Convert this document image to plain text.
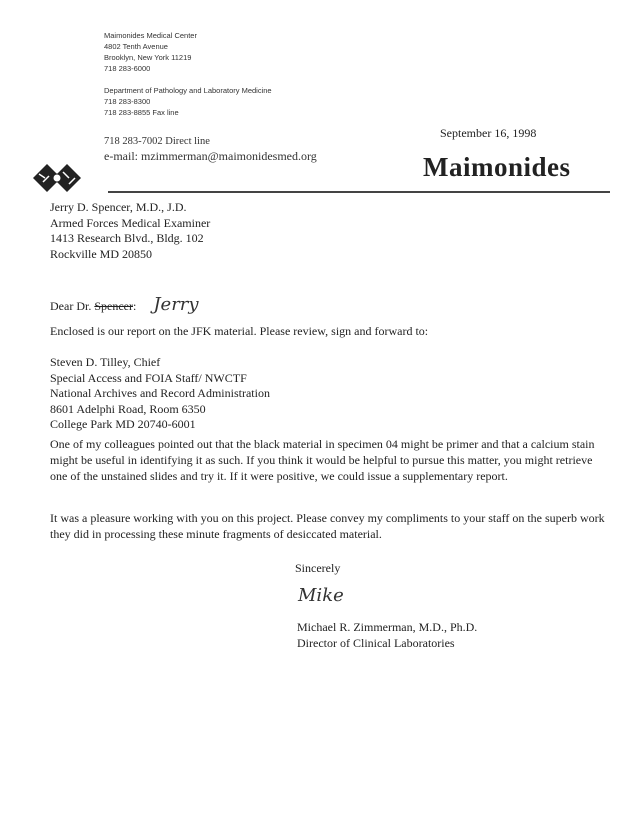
Maimonides Medical Center
4802 Tenth Avenue
Brooklyn, New York 11219
718 283-6000
Department of Pathology and Laboratory Medicine
718 283-8300
718 283-8855 Fax line
718 283-7002 Direct line
e-mail: mzimmerman@maimonidesmed.org
September 16, 1998
Maimonides
Jerry D. Spencer, M.D., J.D.
Armed Forces Medical Examiner
1413 Research Blvd., Bldg. 102
Rockville MD 20850
Dear Dr. Spencer: Jerry
Enclosed is our report on the JFK material. Please review, sign and forward to:
Steven D. Tilley, Chief
Special Access and FOIA Staff/ NWCTF
National Archives and Record Administration
8601 Adelphi Road, Room 6350
College Park MD 20740-6001
One of my colleagues pointed out that the black material in specimen 04 might be primer and that a calcium stain might be useful in identifying it as such. If you think it would be helpful to pursue this matter, you might retrieve one of the unstained slides and try it. If it were positive, we could issue a supplementary report.
It was a pleasure working with you on this project. Please convey my compliments to your staff on the superb work they did in processing these minute fragments of desiccated material.
Sincerely
Mike
Michael R. Zimmerman, M.D., Ph.D.
Director of Clinical Laboratories
